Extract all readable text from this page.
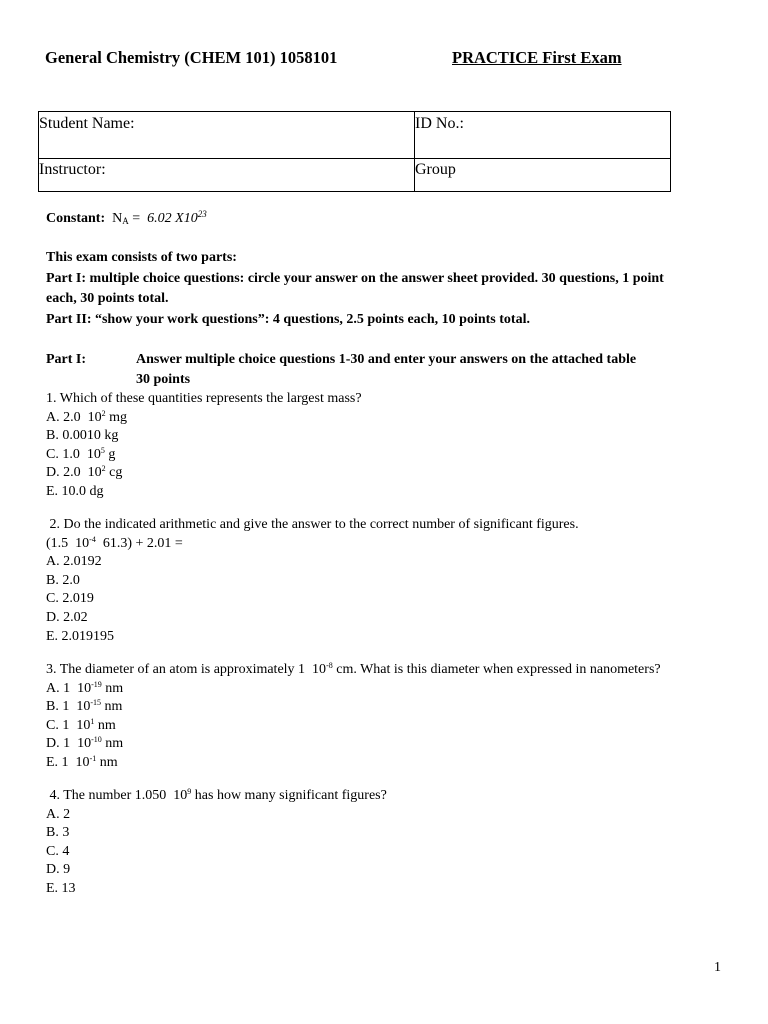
General Chemistry (CHEM 101) 1058101	PRACTICE First Exam
Student Name:	ID No.:

Instructor:	Group
Constant: $N_A = 6.02$ $X10^{23}$
This exam consists of two parts:
Part I: multiple choice questions: circle your answer on the answer sheet provided. 30 questions, 1 point
each, 30 points total.
Part II: “show your work questions”: 4 questions, 2.5 points each, 10 points total.
Part I:	Answer multiple choice questions 1-30 and enter your answers on the attached table
30 points
1. Which of these quantities represents the largest mass?
A. 2.0  $10^2$ mg
B. 0.0010 kg
C. 1.0  $10^5$ g
D. 2.0  $10^2$ cg
E. 10.0 dg
2. Do the indicated arithmetic and give the answer to the correct number of significant figures.
(1.5  $10^{-4}$  61.3) + 2.01 =
A. 2.0192
B. 2.0
C. 2.019
D. 2.02
E. 2.019195
3. The diameter of an atom is approximately 1  $10^{-8}$ cm. What is this diameter when expressed in nanometers?
A. 1  $10^{-19}$ nm
B. 1  $10^{-15}$ nm
C. 1  $10^1$ nm
D. 1  $10^{-10}$ nm
E. 1  $10^{-1}$ nm
4. The number 1.050  $10^9$ has how many significant figures?
A. 2
B. 3
C. 4
D. 9
E. 13
1
